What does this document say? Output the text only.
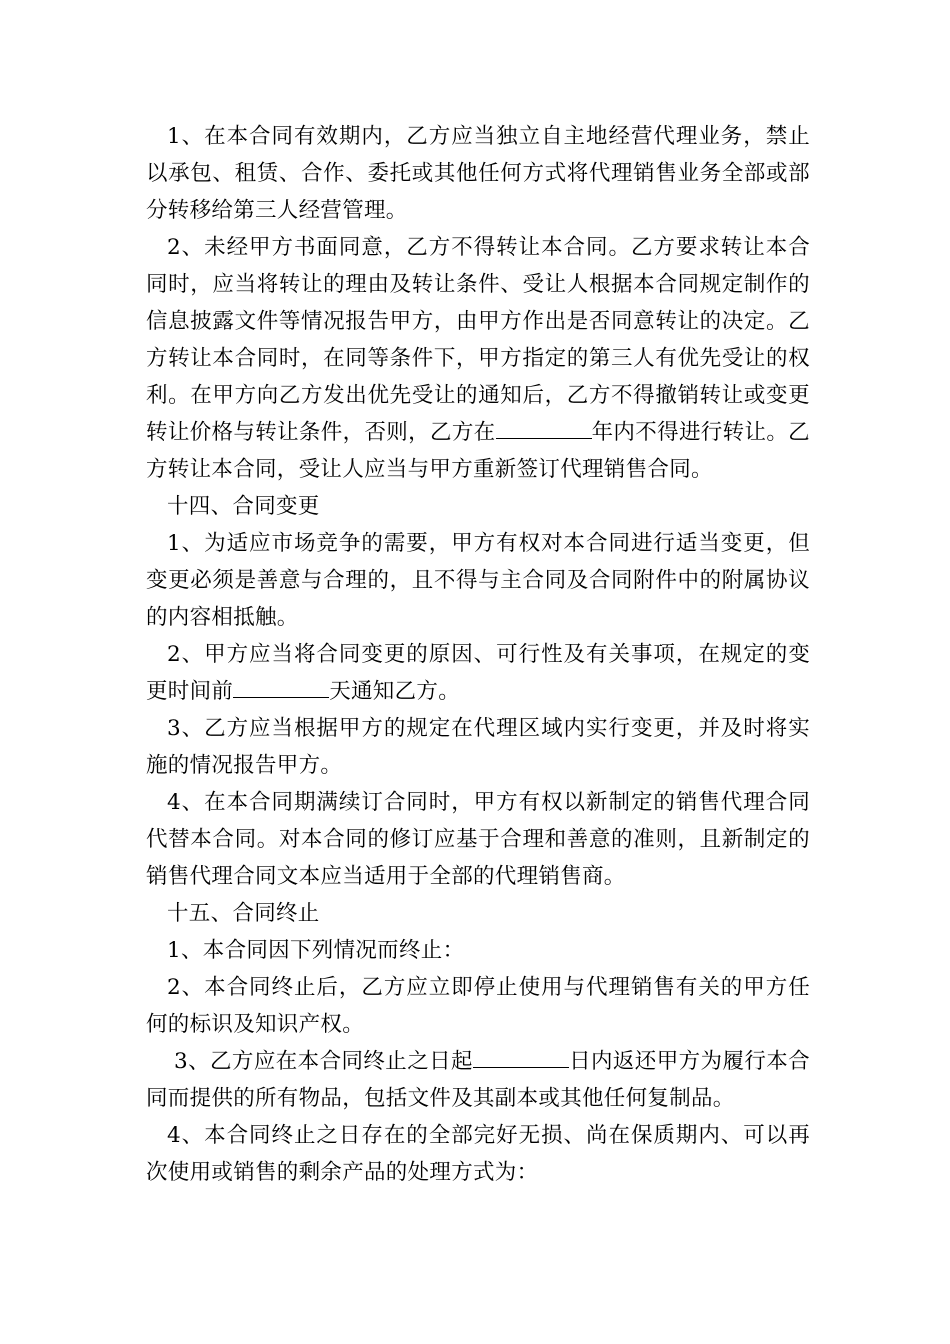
1、在本合同有效期内，乙方应当独立自主地经营代理业务，禁止以承包、租赁、合作、委托或其他任何方式将代理销售业务全部或部分转移给第三人经营管理。

2、未经甲方书面同意，乙方不得转让本合同。乙方要求转让本合同时，应当将转让的理由及转让条件、受让人根据本合同规定制作的信息披露文件等情况报告甲方，由甲方作出是否同意转让的决定。乙方转让本合同时，在同等条件下，甲方指定的第三人有优先受让的权利。在甲方向乙方发出优先受让的通知后，乙方不得撤销转让或变更转让价格与转让条件，否则，乙方在	年内不得进行转让。乙方转让本合同，受让人应当与甲方重新签订代理销售合同。

十四、合同变更

1、为适应市场竞争的需要，甲方有权对本合同进行适当变更，但变更必须是善意与合理的，且不得与主合同及合同附件中的附属协议的内容相抵触。

2、甲方应当将合同变更的原因、可行性及有关事项，在规定的变更时间前	天通知乙方。

3、乙方应当根据甲方的规定在代理区域内实行变更，并及时将实施的情况报告甲方。

4、在本合同期满续订合同时，甲方有权以新制定的销售代理合同代替本合同。对本合同的修订应基于合理和善意的准则，且新制定的销售代理合同文本应当适用于全部的代理销售商。

十五、合同终止

1、本合同因下列情况而终止：

2、本合同终止后，乙方应立即停止使用与代理销售有关的甲方任何的标识及知识产权。

3、乙方应在本合同终止之日起	日内返还甲方为履行本合同而提供的所有物品，包括文件及其副本或其他任何复制品。

4、本合同终止之日存在的全部完好无损、尚在保质期内、可以再次使用或销售的剩余产品的处理方式为：
